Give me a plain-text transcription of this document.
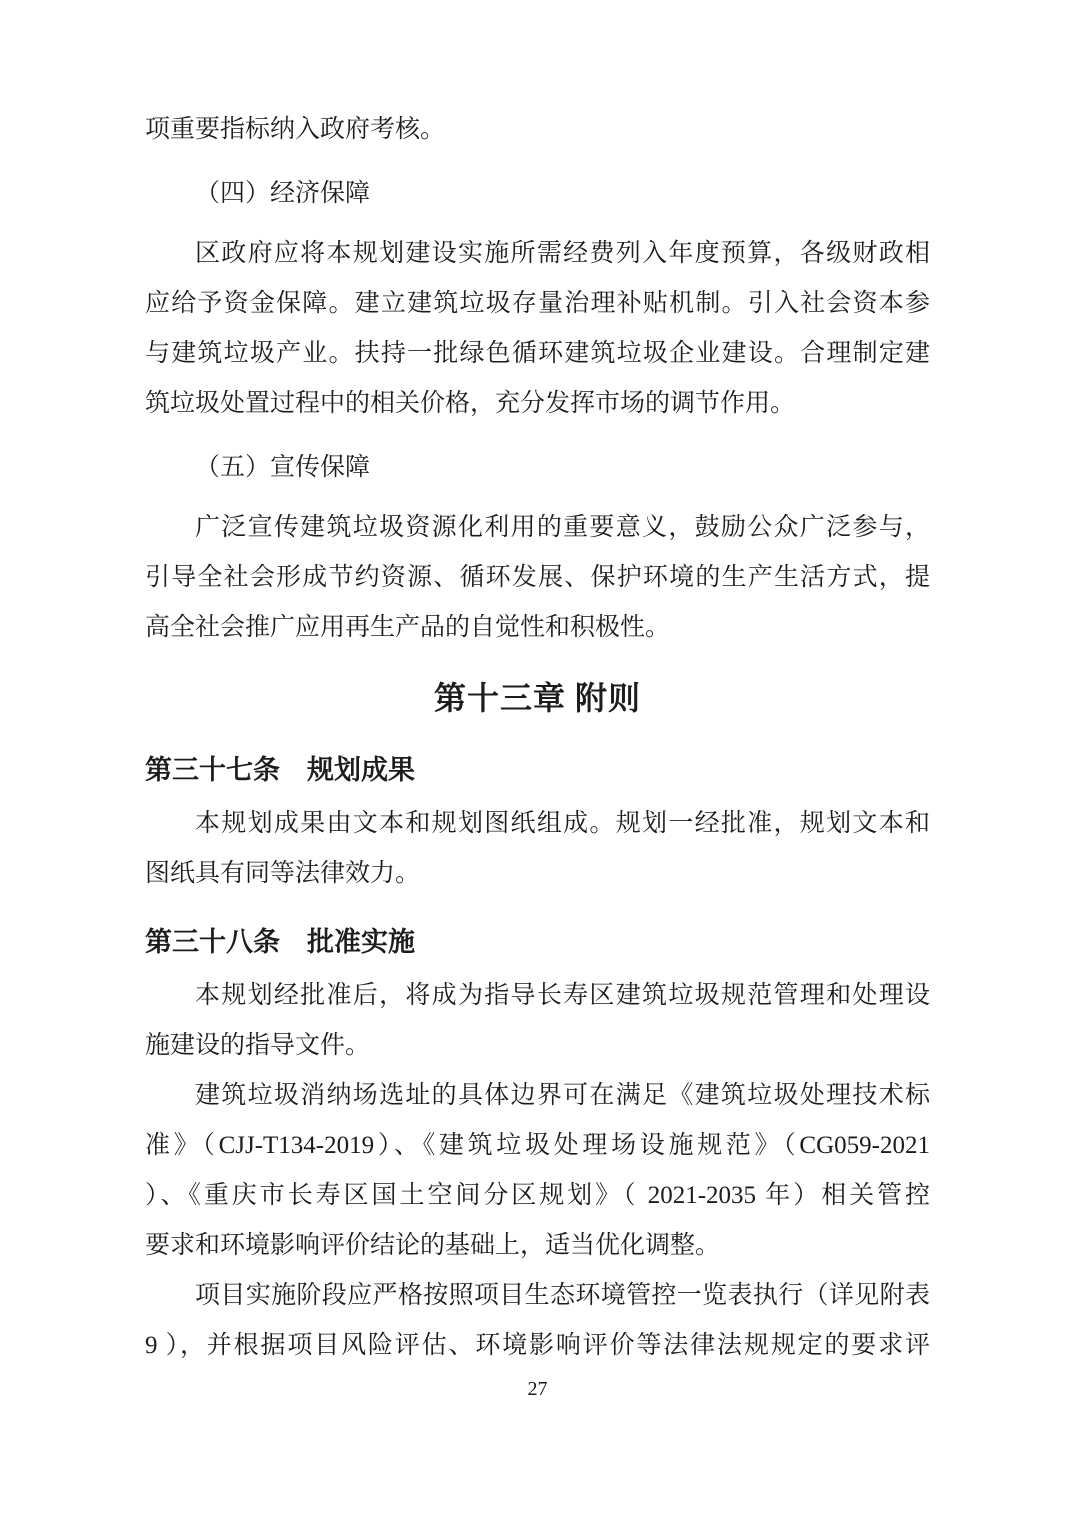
项重要指标纳入政府考核。
（四）经济保障
区政府应将本规划建设实施所需经费列入年度预算，各级财政相
应给予资金保障。建立建筑垃圾存量治理补贴机制。引入社会资本参
与建筑垃圾产业。扶持一批绿色循环建筑垃圾企业建设。合理制定建
筑垃圾处置过程中的相关价格，充分发挥市场的调节作用。
（五）宣传保障
广泛宣传建筑垃圾资源化利用的重要意义，鼓励公众广泛参与，
引导全社会形成节约资源、循环发展、保护环境的生产生活方式，提
高全社会推广应用再生产品的自觉性和积极性。
第十三章 附则
第三十七条　规划成果
本规划成果由文本和规划图纸组成。规划一经批准，规划文本和
图纸具有同等法律效力。
第三十八条　批准实施
本规划经批准后，将成为指导长寿区建筑垃圾规范管理和处理设
施建设的指导文件。
建筑垃圾消纳场选址的具体边界可在满足《建筑垃圾处理技术标
准》（CJJ-T134-2019）、《建筑垃圾处理场设施规范》（CG059-2021
）、《重庆市长寿区国土空间分区规划》（ 2021-2035 年）相关管控
要求和环境影响评价结论的基础上，适当优化调整。
项目实施阶段应严格按照项目生态环境管控一览表执行（详见附表
9 ），并根据项目风险评估、环境影响评价等法律法规规定的要求评
27
